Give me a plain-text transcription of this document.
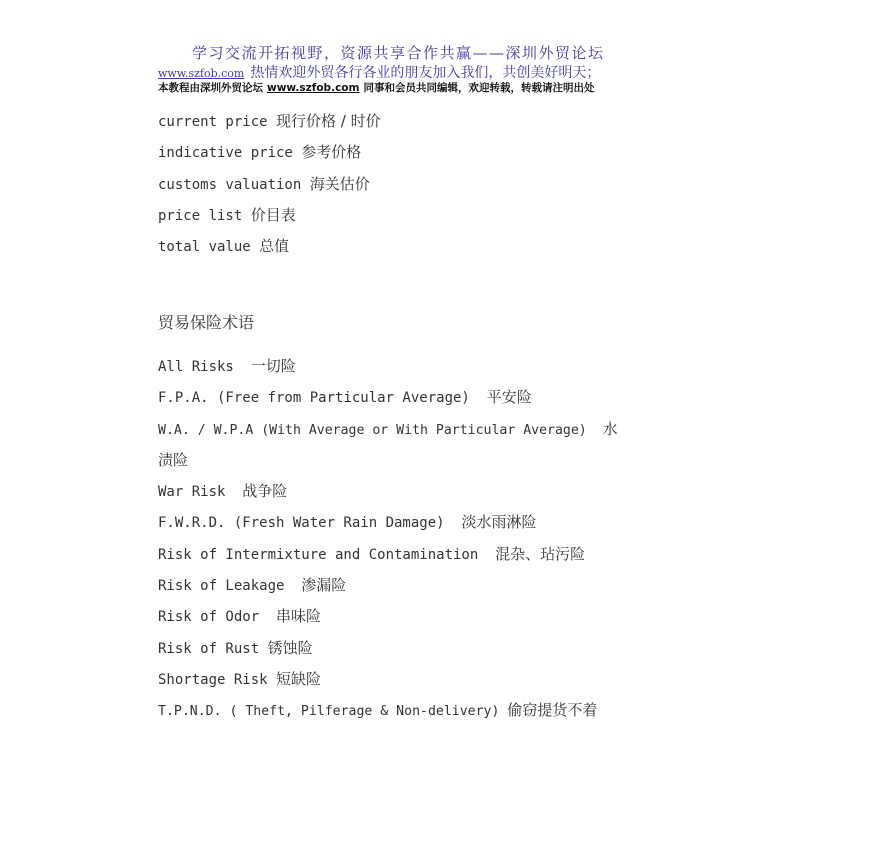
学习交流开拓视野，资源共享合作共赢——深圳外贸论坛
www.szfob.com 热情欢迎外贸各行各业的朋友加入我们，共创美好明天；
本教程由深圳外贸论坛 www.szfob.com 同事和会员共同编辑，欢迎转载，转载请注明出处
current price 现行价格 / 时价
indicative price 参考价格
customs valuation 海关估价
price list 价目表
total value 总值
贸易保险术语
All Risks 一切险
F.P.A. (Free from Particular Average) 平安险
W.A. / W.P.A (With Average or With Particular Average) 水
渍险
War Risk 战争险
F.W.R.D. (Fresh Water Rain Damage) 淡水雨淋险
Risk of Intermixture and Contamination 混杂、玷污险
Risk of Leakage 渗漏险
Risk of Odor 串味险
Risk of Rust 锈蚀险
Shortage Risk 短缺险
T.P.N.D. ( Theft, Pilferage & Non-delivery) 偷窃提货不着
